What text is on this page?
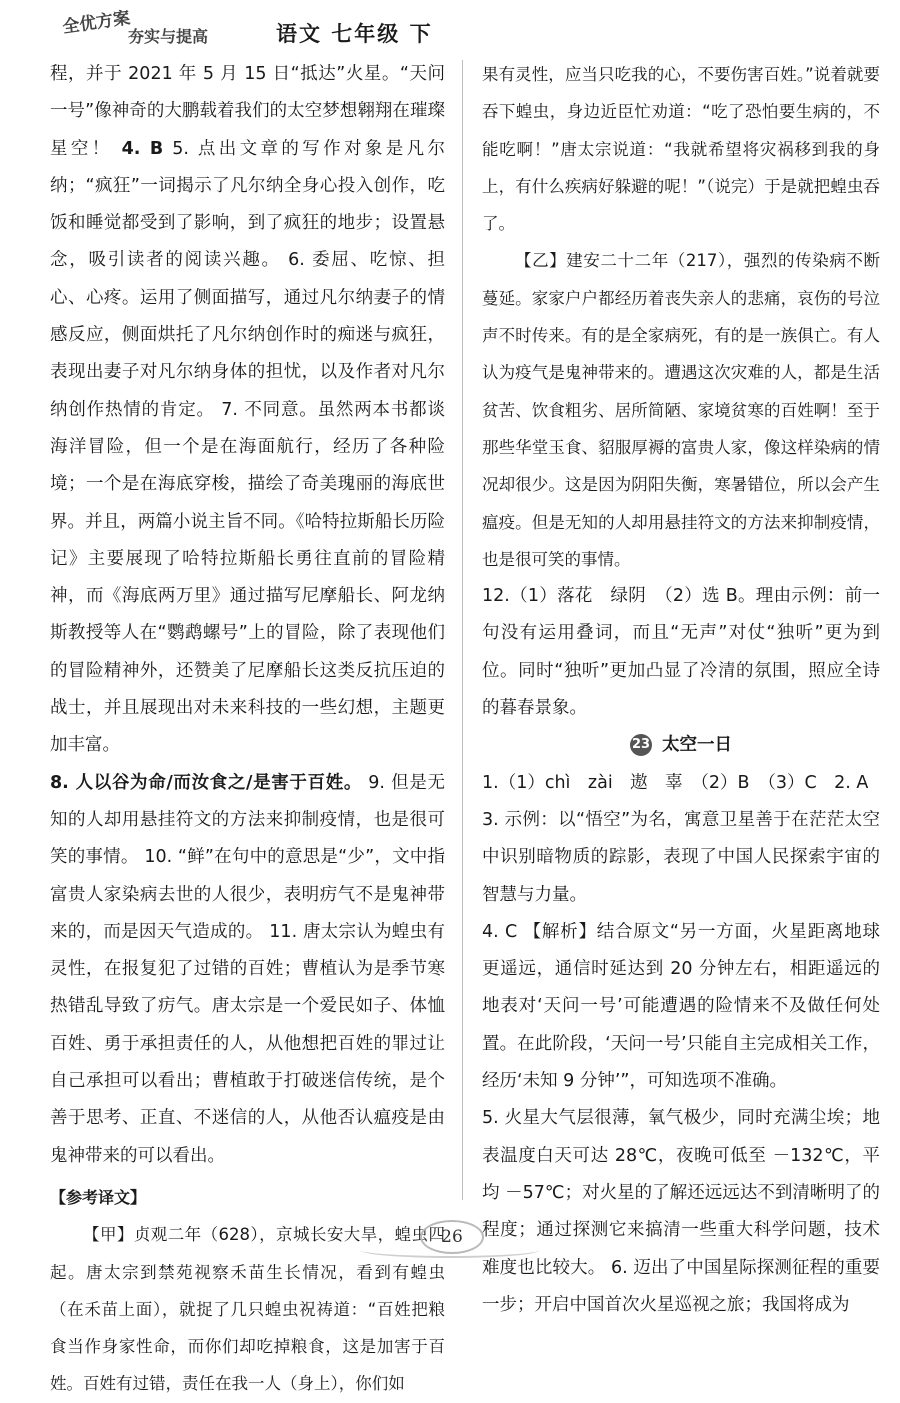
全优方案
夯实与提高	语文 七年级 下

程，并于 2021 年 5 月 15 日“抵达”火星。“天问一号”像神奇的大鹏载着我们的太空梦想翱翔在璀璨星空！ 4. B 5. 点出文章的写作对象是凡尔纳；“疯狂”一词揭示了凡尔纳全身心投入创作，吃饭和睡觉都受到了影响，到了疯狂的地步；设置悬念，吸引读者的阅读兴趣。 6. 委屈、吃惊、担心、心疼。运用了侧面描写，通过凡尔纳妻子的情感反应，侧面烘托了凡尔纳创作时的痴迷与疯狂，表现出妻子对凡尔纳身体的担忧，以及作者对凡尔纳创作热情的肯定。 7. 不同意。虽然两本书都谈海洋冒险，但一个是在海面航行，经历了各种险境；一个是在海底穿梭，描绘了奇美瑰丽的海底世界。并且，两篇小说主旨不同。《哈特拉斯船长历险记》主要展现了哈特拉斯船长勇往直前的冒险精神，而《海底两万里》通过描写尼摩船长、阿龙纳斯教授等人在“鹦鹉螺号”上的冒险，除了表现他们的冒险精神外，还赞美了尼摩船长这类反抗压迫的战士，并且展现出对未来科技的一些幻想，主题更加丰富。

8. 人以谷为命/而汝食之/是害于百姓。 9. 但是无知的人却用悬挂符文的方法来抑制疫情，也是很可笑的事情。 10. “鲜”在句中的意思是“少”，文中指富贵人家染病去世的人很少，表明疠气不是鬼神带来的，而是因天气造成的。 11. 唐太宗认为蝗虫有灵性，在报复犯了过错的百姓；曹植认为是季节寒热错乱导致了疠气。唐太宗是一个爱民如子、体恤百姓、勇于承担责任的人，从他想把百姓的罪过让自己承担可以看出；曹植敢于打破迷信传统，是个善于思考、正直、不迷信的人，从他否认瘟疫是由鬼神带来的可以看出。

【参考译文】

【甲】贞观二年（628），京城长安大旱，蝗虫四起。唐太宗到禁苑视察禾苗生长情况，看到有蝗虫（在禾苗上面），就捉了几只蝗虫祝祷道：“百姓把粮食当作身家性命，而你们却吃掉粮食，这是加害于百姓。百姓有过错，责任在我一人（身上），你们如

果有灵性，应当只吃我的心，不要伤害百姓。”说着就要吞下蝗虫，身边近臣忙劝道：“吃了恐怕要生病的，不能吃啊！”唐太宗说道：“我就希望将灾祸移到我的身上，有什么疾病好躲避的呢！”（说完）于是就把蝗虫吞了。

【乙】建安二十二年（217），强烈的传染病不断蔓延。家家户户都经历着丧失亲人的悲痛，哀伤的号泣声不时传来。有的是全家病死，有的是一族俱亡。有人认为疫气是鬼神带来的。遭遇这次灾难的人，都是生活贫苦、饮食粗劣、居所简陋、家境贫寒的百姓啊！至于那些华堂玉食、貂服厚褥的富贵人家，像这样染病的情况却很少。这是因为阴阳失衡，寒暑错位，所以会产生瘟疫。但是无知的人却用悬挂符文的方法来抑制疫情，也是很可笑的事情。

12.（1）落花　绿阴　（2）选 B。理由示例：前一句没有运用叠词，而且“无声”对仗“独听”更为到位。同时“独听”更加凸显了冷清的氛围，照应全诗的暮春景象。

23 太空一日

1.（1）chì　zài　遨　辜　（2）B　（3）C　2. A

3. 示例：以“悟空”为名，寓意卫星善于在茫茫太空中识别暗物质的踪影，表现了中国人民探索宇宙的智慧与力量。

4. C 【解析】结合原文“另一方面，火星距离地球更遥远，通信时延达到 20 分钟左右，相距遥远的地表对‘天问一号’可能遭遇的险情来不及做任何处置。在此阶段，‘天问一号’只能自主完成相关工作，经历‘未知 9 分钟’”，可知选项不准确。

5. 火星大气层很薄，氧气极少，同时充满尘埃；地表温度白天可达 28℃，夜晚可低至 －132℃，平均 －57℃；对火星的了解还远远达不到清晰明了的程度；通过探测它来搞清一些重大科学问题，技术难度也比较大。 6. 迈出了中国星际探测征程的重要一步；开启中国首次火星巡视之旅；我国将成为

26
